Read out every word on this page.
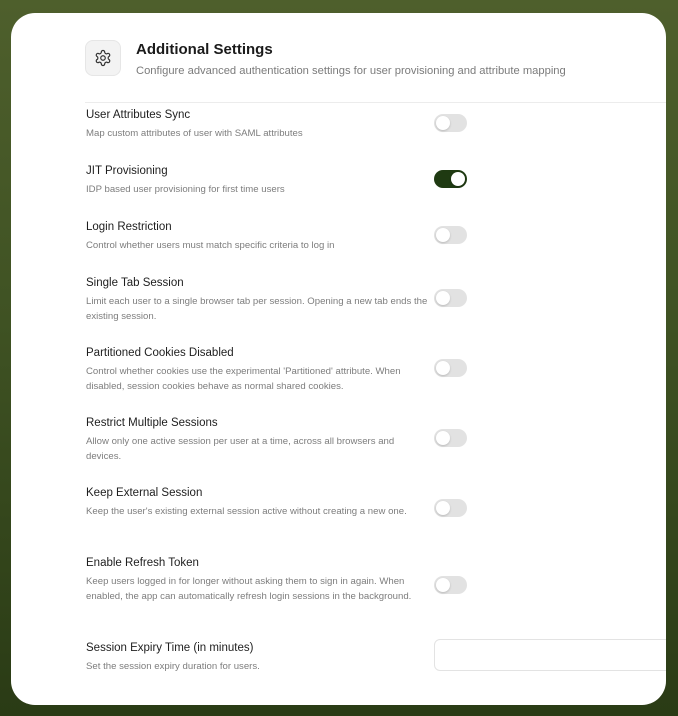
Additional Settings
Configure advanced authentication settings for user provisioning and attribute mapping
User Attributes Sync
Map custom attributes of user with SAML attributes
JIT Provisioning
IDP based user provisioning for first time users
Login Restriction
Control whether users must match specific criteria to log in
Single Tab Session
Limit each user to a single browser tab per session. Opening a new tab ends the existing session.
Partitioned Cookies Disabled
Control whether cookies use the experimental 'Partitioned' attribute. When disabled, session cookies behave as normal shared cookies.
Restrict Multiple Sessions
Allow only one active session per user at a time, across all browsers and devices.
Keep External Session
Keep the user's existing external session active without creating a new one.
Enable Refresh Token
Keep users logged in for longer without asking them to sign in again. When enabled, the app can automatically refresh login sessions in the background.
Session Expiry Time (in minutes)
Set the session expiry duration for users.
